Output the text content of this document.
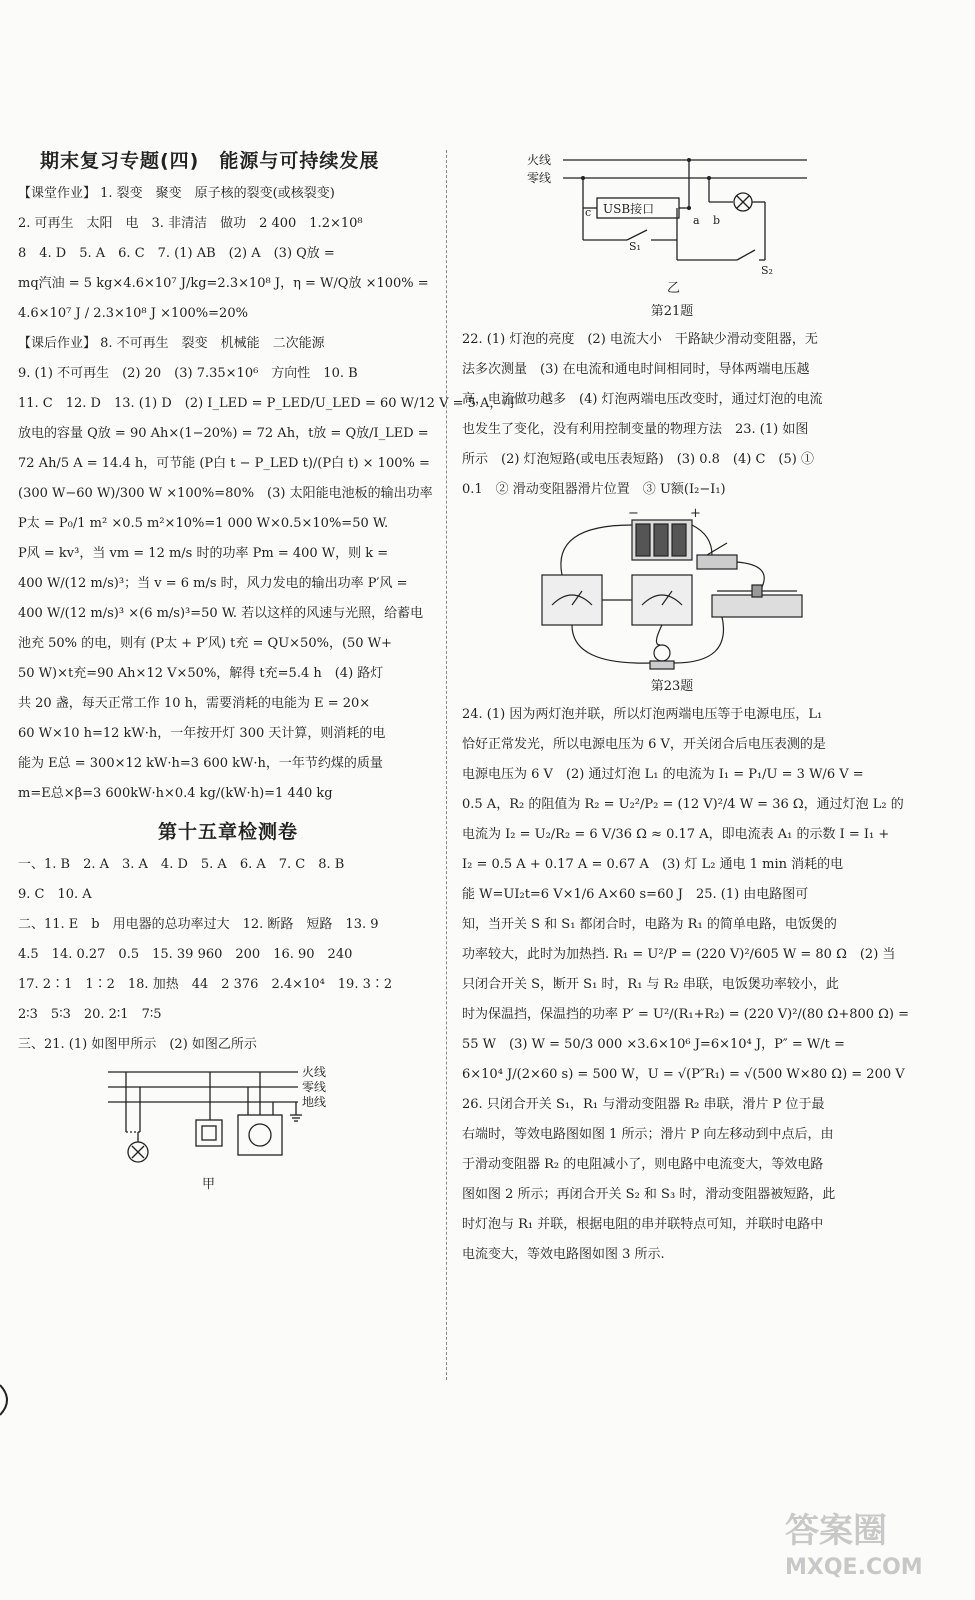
期末复习专题(四)　能源与可持续发展
【课堂作业】 1. 裂变　聚变　原子核的裂变(或核裂变)
2. 可再生　太阳　电　3. 非清洁　做功　2 400　1.2×10⁸
8　4. D　5. A　6. C　7. (1) AB　(2) A　(3) Q放 =
mq汽油 = 5 kg×4.6×10⁷ J/kg=2.3×10⁸ J，η = W/Q放 ×100% =
4.6×10⁷ J / 2.3×10⁸ J ×100%=20%
【课后作业】 8. 不可再生　裂变　机械能　二次能源
9. (1) 不可再生　(2) 20　(3) 7.35×10⁶　方向性　10. B
11. C　12. D　13. (1) D　(2) I_LED = P_LED/U_LED = 60 W/12 V = 5 A，可
放电的容量 Q放 = 90 Ah×(1−20%) = 72 Ah，t放 = Q放/I_LED =
72 Ah/5 A = 14.4 h，可节能 (P白 t − P_LED t)/(P白 t) × 100% =
(300 W−60 W)/300 W ×100%=80%　(3) 太阳能电池板的输出功率
P太 = P₀/1 m² ×0.5 m²×10%=1 000 W×0.5×10%=50 W.
P风 = kv³，当 vm = 12 m/s 时的功率 Pm = 400 W，则 k =
400 W/(12 m/s)³；当 v = 6 m/s 时，风力发电的输出功率 P′风 =
400 W/(12 m/s)³ ×(6 m/s)³=50 W. 若以这样的风速与光照，给蓄电
池充 50% 的电，则有 (P太 + P′风) t充 = QU×50%，(50 W+
50 W)×t充=90 Ah×12 V×50%，解得 t充=5.4 h　(4) 路灯
共 20 盏，每天正常工作 10 h，需要消耗的电能为 E = 20×
60 W×10 h=12 kW·h，一年按开灯 300 天计算，则消耗的电
能为 E总 = 300×12 kW·h=3 600 kW·h，一年节约煤的质量
m=E总×β=3 600kW·h×0.4 kg/(kW·h)=1 440 kg
第十五章检测卷
一、1. B　2. A　3. A　4. D　5. A　6. A　7. C　8. B
9. C　10. A
二、11. E　b　用电器的总功率过大　12. 断路　短路　13. 9
4.5　14. 0.27　0.5　15. 39 960　200　16. 90　240
17. 2∶1　1∶2　18. 加热　44　2 376　2.4×10⁴　19. 3∶2
2∶3　5∶3　20. 2∶1　7∶5
三、21. (1) 如图甲所示　(2) 如图乙所示
火线
零线
地线
甲
火线
零线
USB接口
c
a b
S₁
S₂
乙
第21题
22. (1) 灯泡的亮度　(2) 电流大小　干路缺少滑动变阻器，无
法多次测量　(3) 在电流和通电时间相同时，导体两端电压越
高，电流做功越多　(4) 灯泡两端电压改变时，通过灯泡的电流
也发生了变化，没有利用控制变量的物理方法　23. (1) 如图
所示　(2) 灯泡短路(或电压表短路)　(3) 0.8　(4) C　(5) ①
0.1　② 滑动变阻器滑片位置　③ U额(I₂−I₁)
−	+
第23题
24. (1) 因为两灯泡并联，所以灯泡两端电压等于电源电压，L₁
恰好正常发光，所以电源电压为 6 V，开关闭合后电压表测的是
电源电压为 6 V　(2) 通过灯泡 L₁ 的电流为 I₁ = P₁/U = 3 W/6 V =
0.5 A，R₂ 的阻值为 R₂ = U₂²/P₂ = (12 V)²/4 W = 36 Ω，通过灯泡 L₂ 的
电流为 I₂ = U₂/R₂ = 6 V/36 Ω ≈ 0.17 A，即电流表 A₁ 的示数 I = I₁ +
I₂ = 0.5 A + 0.17 A = 0.67 A　(3) 灯 L₂ 通电 1 min 消耗的电
能 W=UI₂t=6 V×1/6 A×60 s=60 J　25. (1) 由电路图可
知，当开关 S 和 S₁ 都闭合时，电路为 R₁ 的简单电路，电饭煲的
功率较大，此时为加热挡. R₁ = U²/P = (220 V)²/605 W = 80 Ω　(2) 当
只闭合开关 S，断开 S₁ 时，R₁ 与 R₂ 串联，电饭煲功率较小，此
时为保温挡，保温挡的功率 P′ = U²/(R₁+R₂) = (220 V)²/(80 Ω+800 Ω) =
55 W　(3) W = 50/3 000 ×3.6×10⁶ J=6×10⁴ J，P″ = W/t =
6×10⁴ J/(2×60 s) = 500 W，U = √(P″R₁) = √(500 W×80 Ω) = 200 V
26. 只闭合开关 S₁，R₁ 与滑动变阻器 R₂ 串联，滑片 P 位于最
右端时，等效电路图如图 1 所示；滑片 P 向左移动到中点后，由
于滑动变阻器 R₂ 的电阻减小了，则电路中电流变大，等效电路
图如图 2 所示；再闭合开关 S₂ 和 S₃ 时，滑动变阻器被短路，此
时灯泡与 R₁ 并联，根据电阻的串并联特点可知，并联时电路中
电流变大，等效电路图如图 3 所示.
答案圈
MXQE.COM
